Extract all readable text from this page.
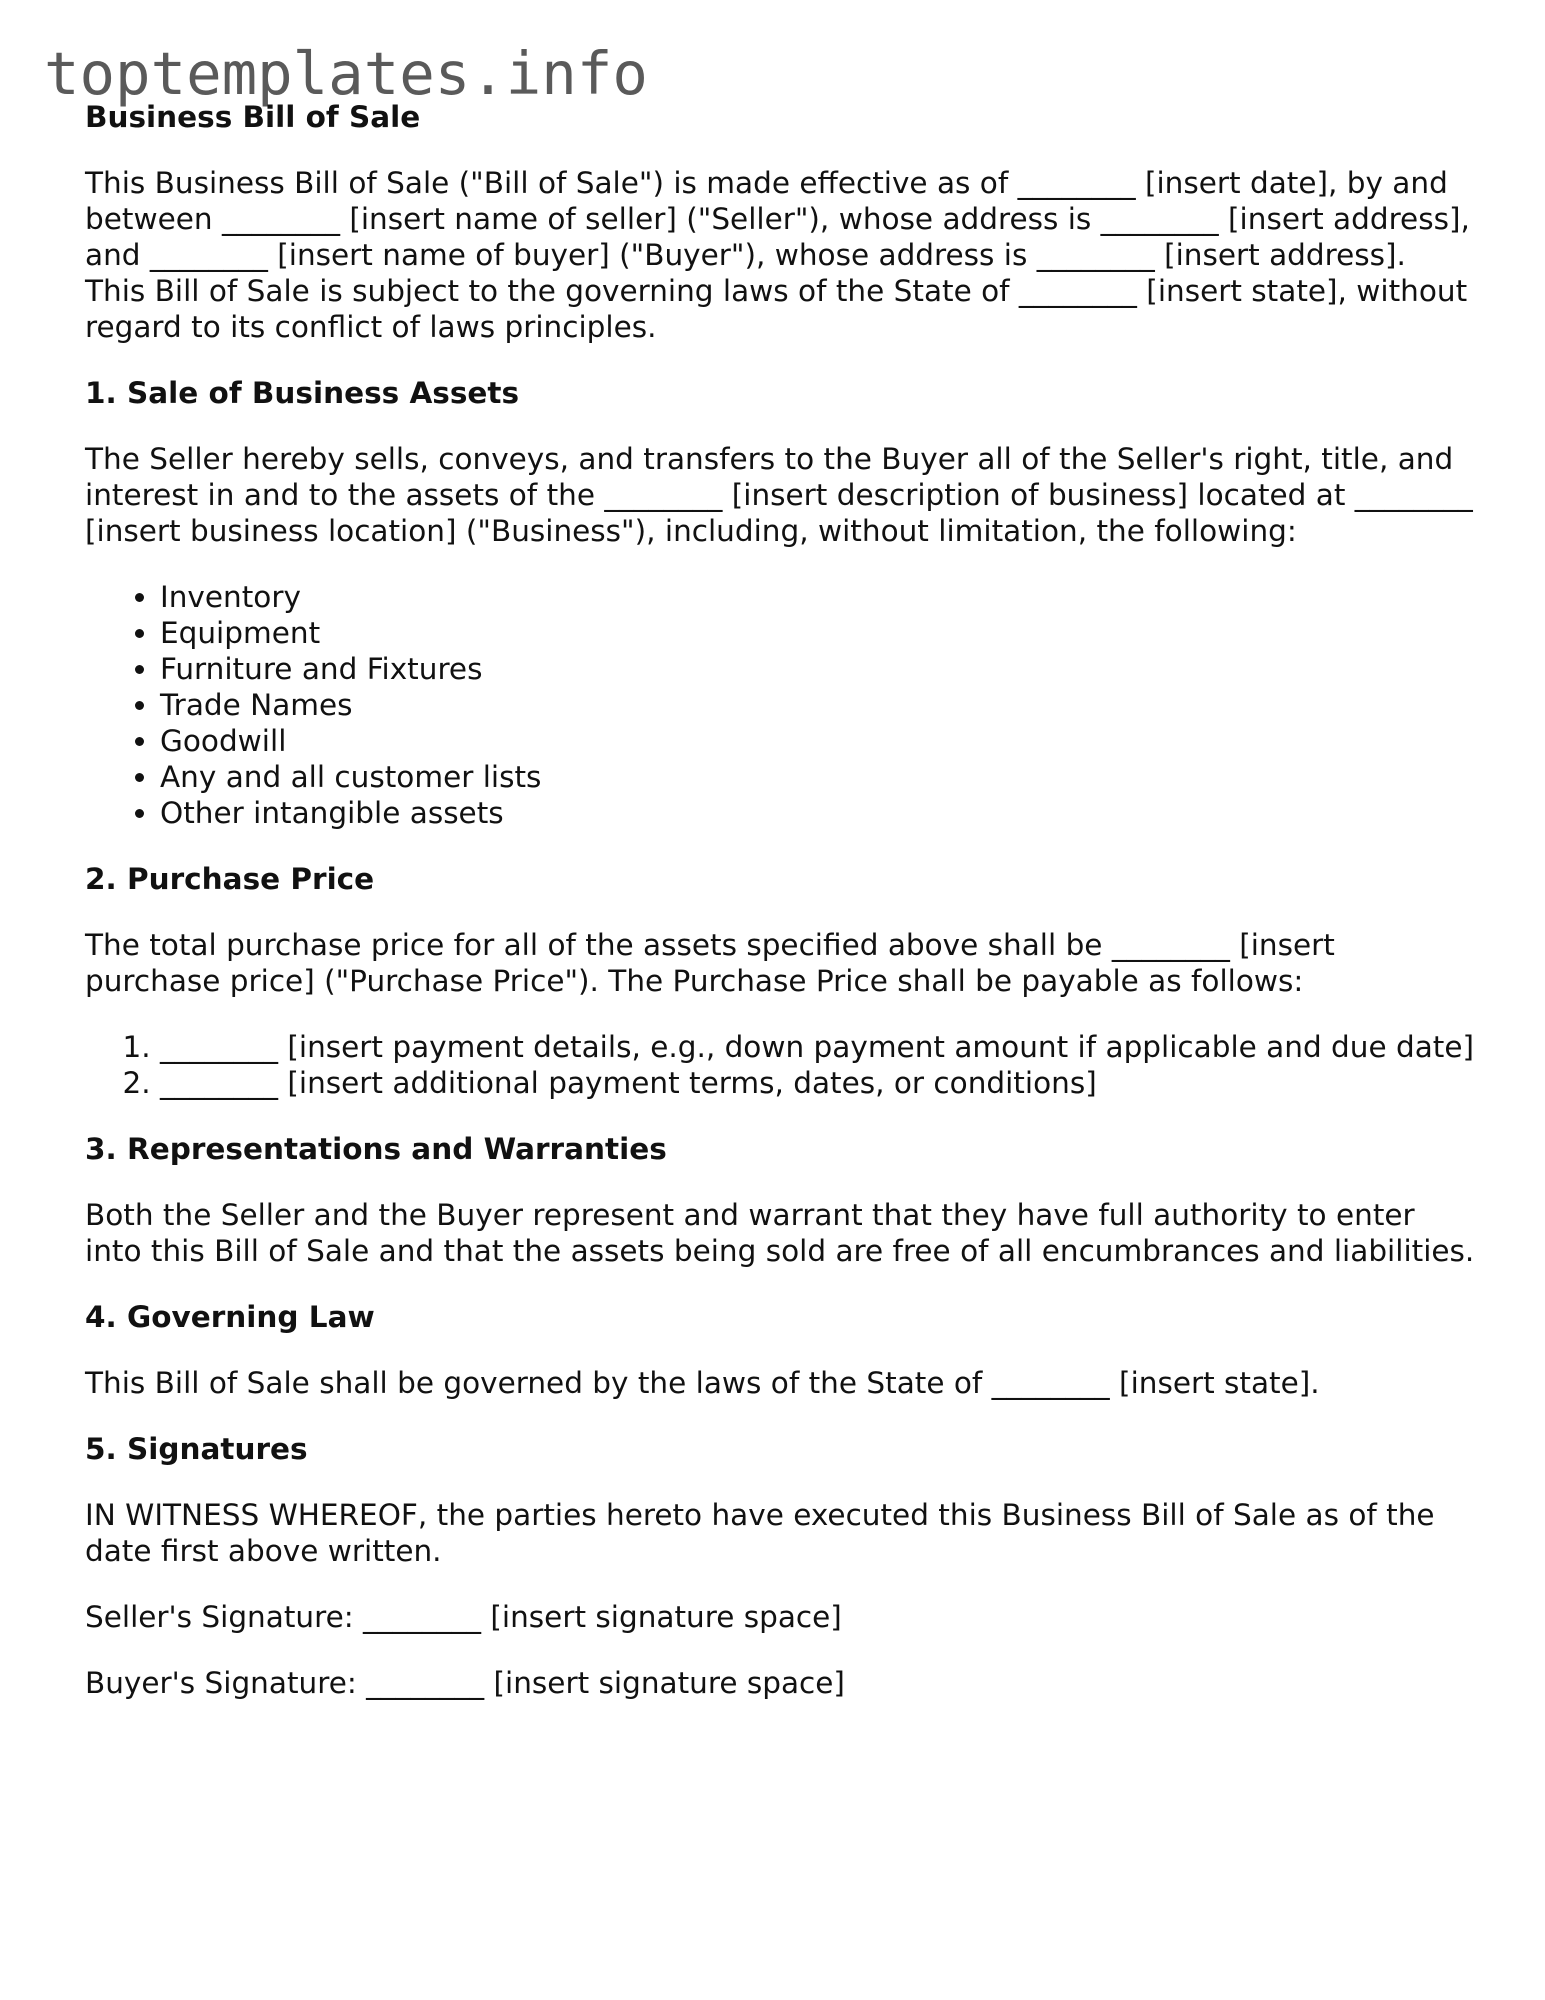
toptemplates.info
Business Bill of Sale

This Business Bill of Sale ("Bill of Sale") is made effective as of ________ [insert date], by and between ________ [insert name of seller] ("Seller"), whose address is ________ [insert address], and ________ [insert name of buyer] ("Buyer"), whose address is ________ [insert address]. This Bill of Sale is subject to the governing laws of the State of ________ [insert state], without regard to its conflict of laws principles.

1. Sale of Business Assets

The Seller hereby sells, conveys, and transfers to the Buyer all of the Seller's right, title, and interest in and to the assets of the ________ [insert description of business] located at ________ [insert business location] ("Business"), including, without limitation, the following:

• Inventory
• Equipment
• Furniture and Fixtures
• Trade Names
• Goodwill
• Any and all customer lists
• Other intangible assets
2. Purchase Price

The total purchase price for all of the assets specified above shall be ________ [insert purchase price] ("Purchase Price"). The Purchase Price shall be payable as follows:

1. ________ [insert payment details, e.g., down payment amount if applicable and due date]
2. ________ [insert additional payment terms, dates, or conditions]
3. Representations and Warranties

Both the Seller and the Buyer represent and warrant that they have full authority to enter into this Bill of Sale and that the assets being sold are free of all encumbrances and liabilities.

4. Governing Law

This Bill of Sale shall be governed by the laws of the State of ________ [insert state].

5. Signatures

IN WITNESS WHEREOF, the parties hereto have executed this Business Bill of Sale as of the date first above written.

Seller's Signature: ________ [insert signature space]
Buyer's Signature: ________ [insert signature space]
